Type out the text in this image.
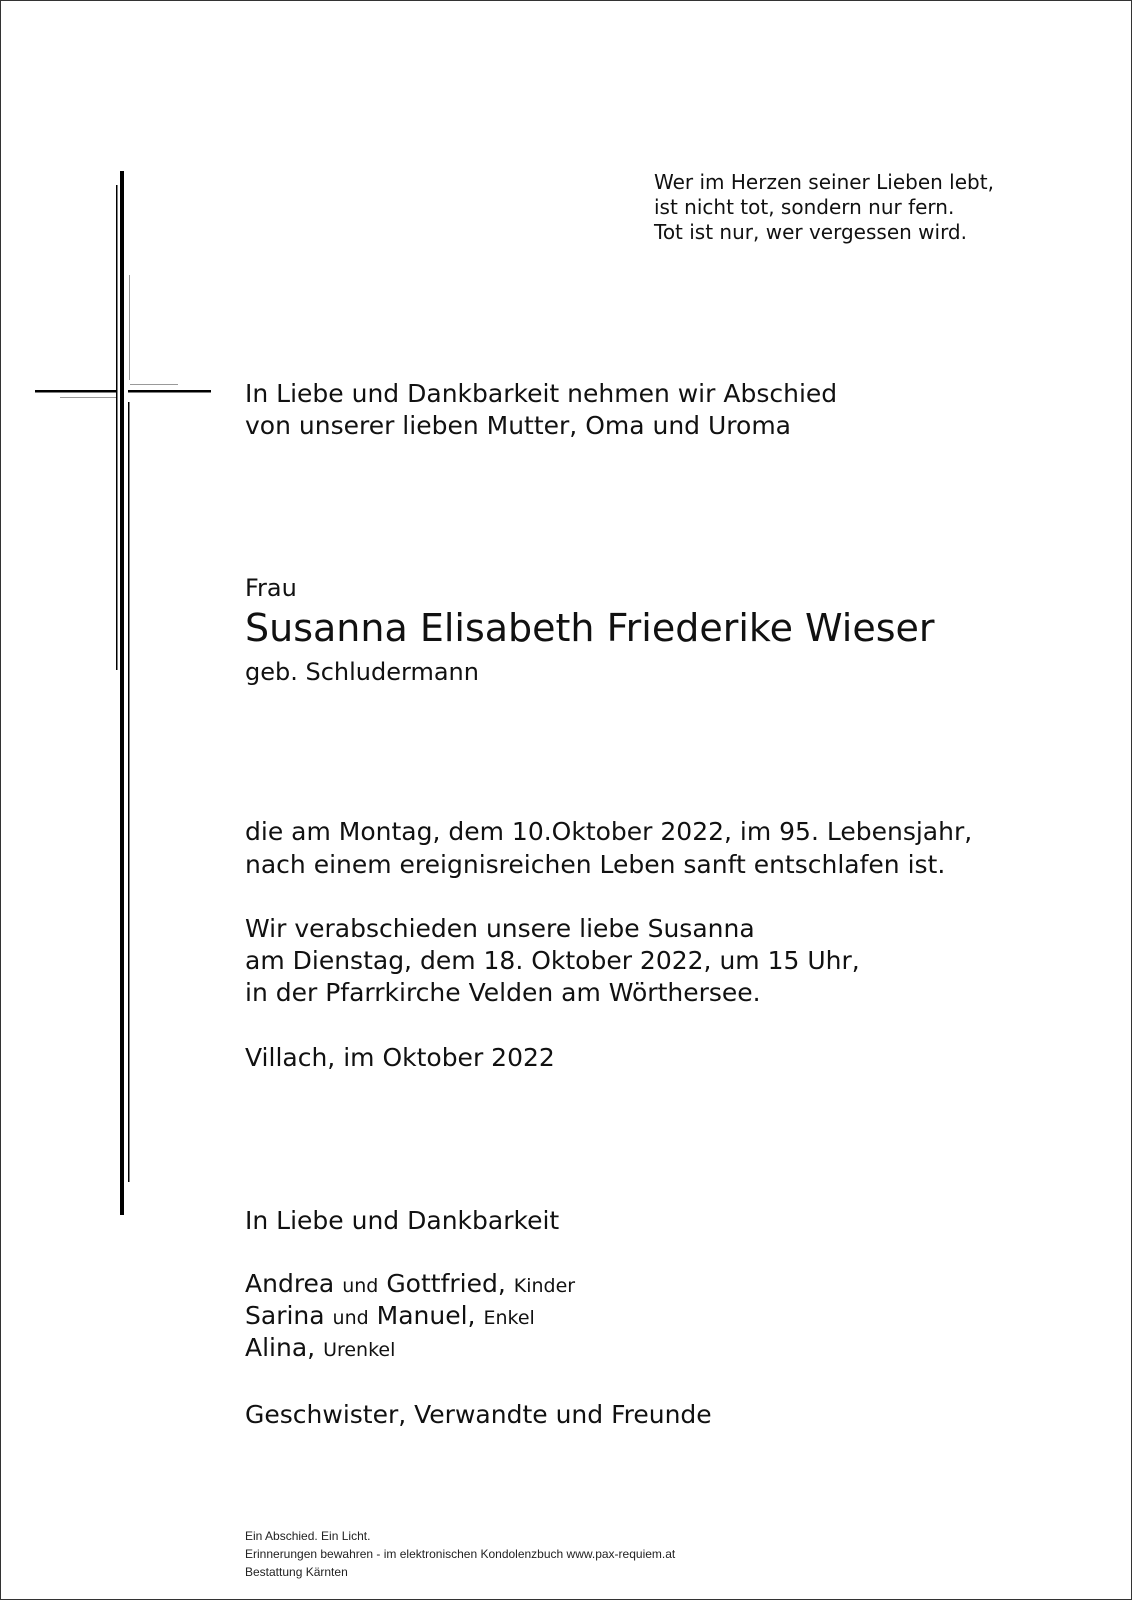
Wer im Herzen seiner Lieben lebt,
ist nicht tot, sondern nur fern.
Tot ist nur, wer vergessen wird.
In Liebe und Dankbarkeit nehmen wir Abschied
von unserer lieben Mutter, Oma und Uroma
Frau
Susanna Elisabeth Friederike Wieser
geb. Schludermann
die am Montag, dem 10.Oktober 2022, im 95. Lebensjahr,
nach einem ereignisreichen Leben sanft entschlafen ist.
Wir verabschieden unsere liebe Susanna
am Dienstag, dem 18. Oktober 2022, um 15 Uhr,
in der Pfarrkirche Velden am Wörthersee.
Villach, im Oktober 2022
In Liebe und Dankbarkeit
Andrea und Gottfried, Kinder
Sarina und Manuel, Enkel
Alina, Urenkel
Geschwister, Verwandte und Freunde
Ein Abschied. Ein Licht.
Erinnerungen bewahren - im elektronischen Kondolenzbuch www.pax-requiem.at
Bestattung Kärnten
